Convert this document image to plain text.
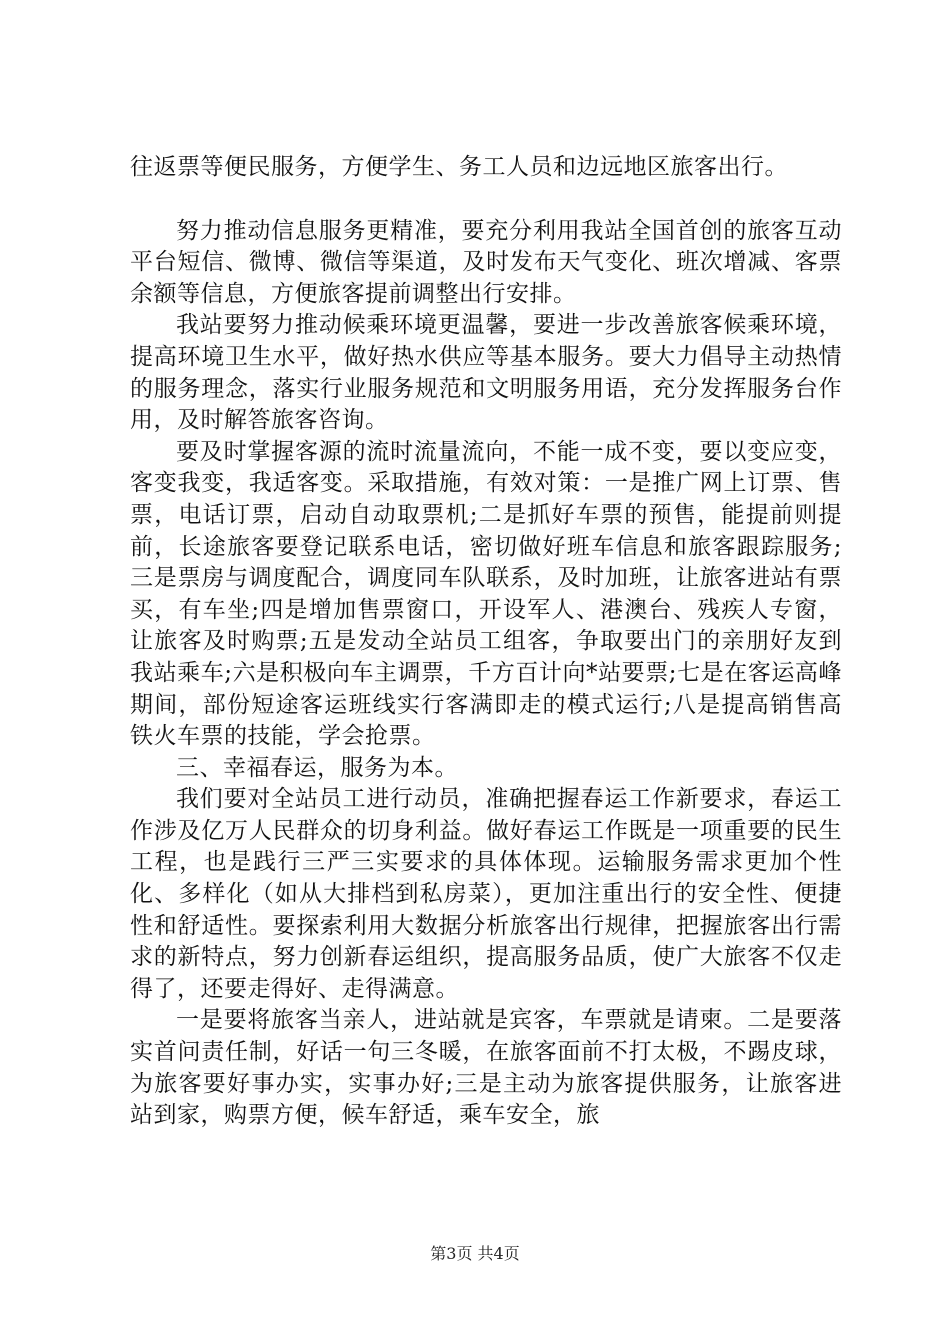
往返票等便民服务，方便学生、务工人员和边远地区旅客出行。

努力推动信息服务更精准，要充分利用我站全国首创的旅客互动平台短信、微博、微信等渠道，及时发布天气变化、班次增减、客票余额等信息，方便旅客提前调整出行安排。

我站要努力推动候乘环境更温馨，要进一步改善旅客候乘环境，提高环境卫生水平，做好热水供应等基本服务。要大力倡导主动热情的服务理念，落实行业服务规范和文明服务用语，充分发挥服务台作用，及时解答旅客咨询。

要及时掌握客源的流时流量流向，不能一成不变，要以变应变，客变我变，我适客变。采取措施，有效对策：一是推广网上订票、售票，电话订票，启动自动取票机;二是抓好车票的预售，能提前则提前，长途旅客要登记联系电话，密切做好班车信息和旅客跟踪服务;三是票房与调度配合，调度同车队联系，及时加班，让旅客进站有票买，有车坐;四是增加售票窗口，开设军人、港澳台、残疾人专窗，让旅客及时购票;五是发动全站员工组客，争取要出门的亲朋好友到我站乘车;六是积极向车主调票，千方百计向*站要票;七是在客运高峰期间，部份短途客运班线实行客满即走的模式运行;八是提高销售高铁火车票的技能，学会抢票。

三、幸福春运，服务为本。

我们要对全站员工进行动员，准确把握春运工作新要求，春运工作涉及亿万人民群众的切身利益。做好春运工作既是一项重要的民生工程，也是践行三严三实要求的具体体现。运输服务需求更加个性化、多样化（如从大排档到私房菜），更加注重出行的安全性、便捷性和舒适性。要探索利用大数据分析旅客出行规律，把握旅客出行需求的新特点，努力创新春运组织，提高服务品质，使广大旅客不仅走得了，还要走得好、走得满意。

一是要将旅客当亲人，进站就是宾客，车票就是请柬。二是要落实首问责任制，好话一句三冬暖，在旅客面前不打太极，不踢皮球，为旅客要好事办实，实事办好;三是主动为旅客提供服务，让旅客进站到家，购票方便，候车舒适，乘车安全，旅

第3页 共4页
